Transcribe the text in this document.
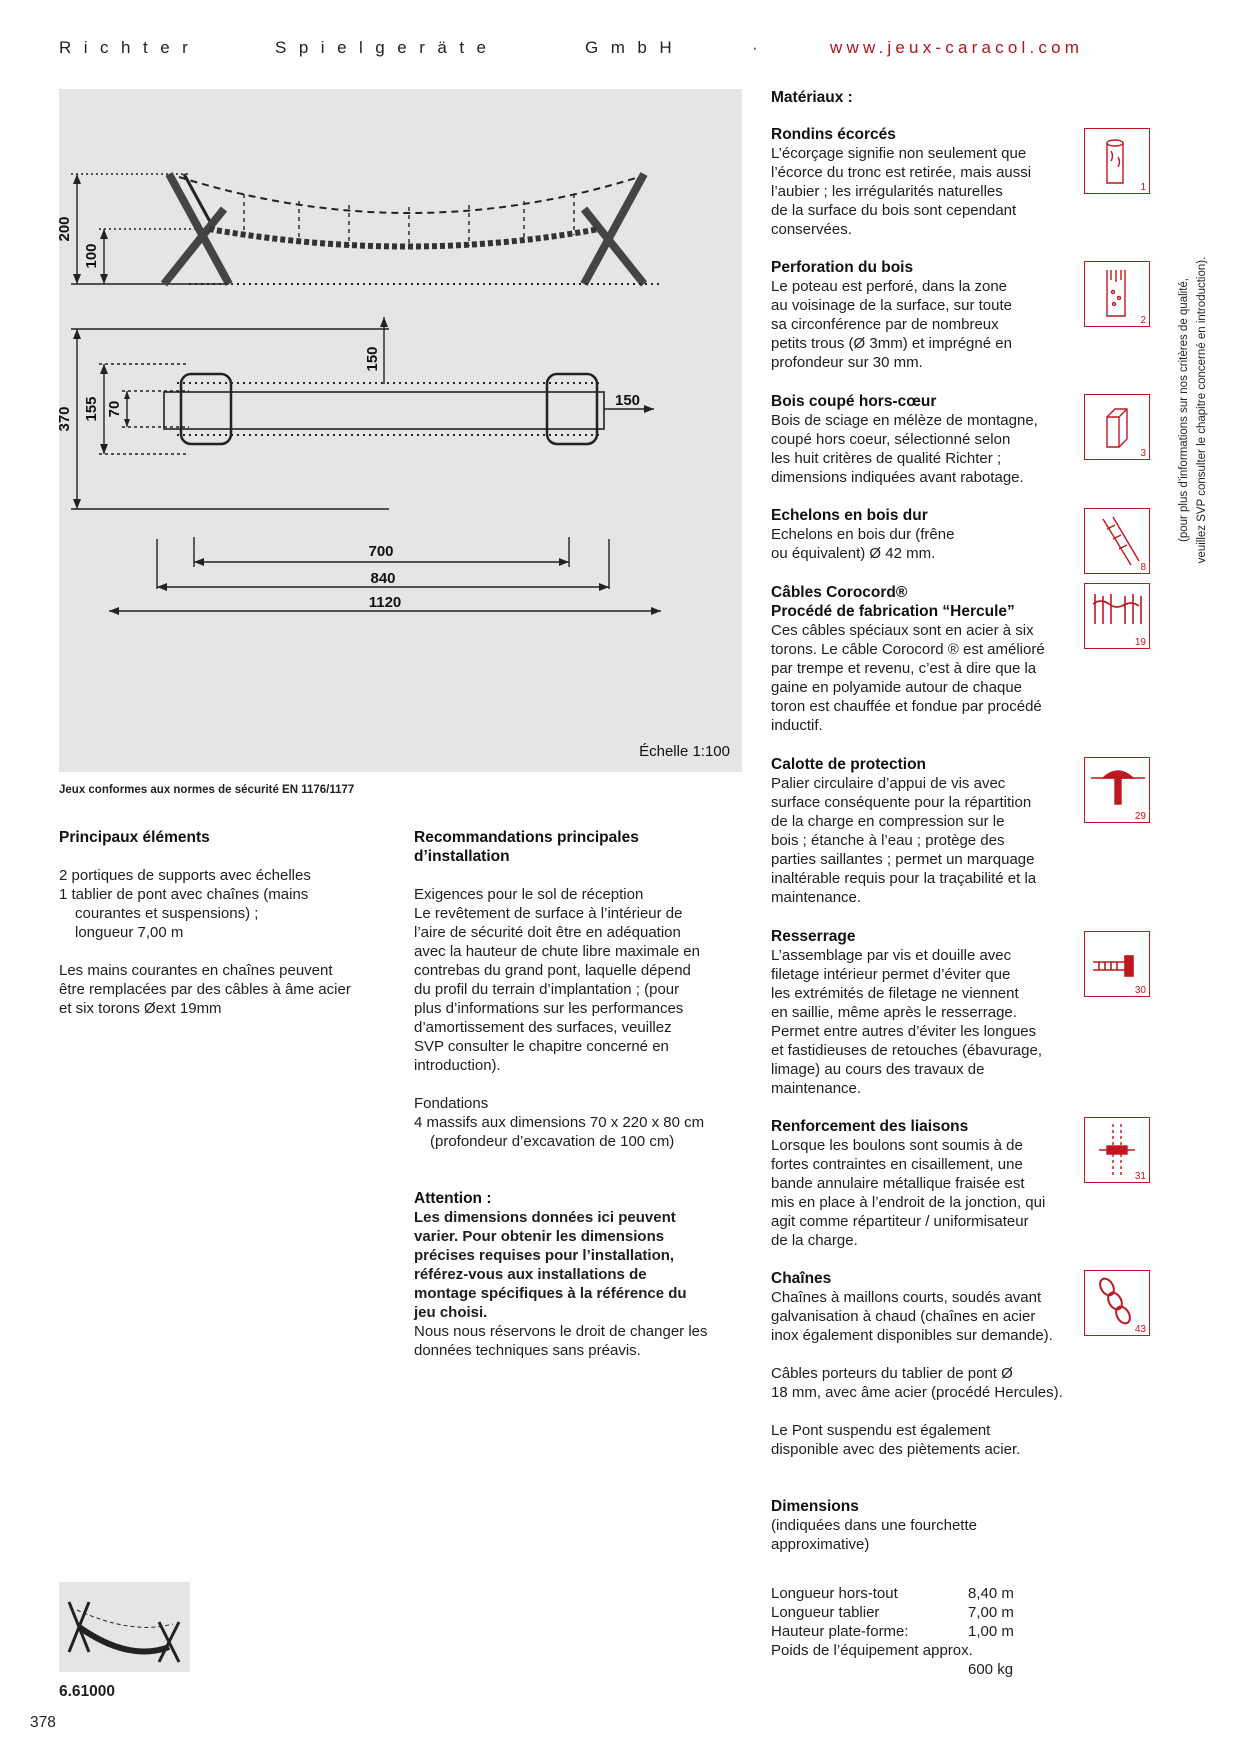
Richter	Spielgeräte	GmbH	·	www.jeux-caracol.com
200
100
370 155 70
150
150
700
840
1120
Échelle 1:100
Jeux conformes aux normes de sécurité EN 1176/1177
Principaux éléments
2 portiques de supports avec échelles
1 tablier de pont avec chaînes (mains
courantes et suspensions) ;
longueur 7,00 m
Les mains courantes en chaînes peuvent
être remplacées par des câbles à âme acier
et six torons Øext 19mm
Recommandations principales
d’installation
Exigences pour le sol de réception
Le revêtement de surface à l’intérieur de
l’aire de sécurité doit être en adéquation
avec la hauteur de chute libre maximale en
contrebas du grand pont, laquelle dépend
du profil du terrain d’implantation ; (pour
plus d’informations sur les performances
d’amortissement des surfaces, veuillez
SVP consulter le chapitre concerné en
introduction).
Fondations
4 massifs aux dimensions 70 x 220 x 80 cm
(profondeur d’excavation de 100 cm)
Attention :
Les dimensions données ici peuvent
varier. Pour obtenir les dimensions
précises requises pour l’installation,
référez-vous aux installations de
montage spécifiques à la référence du
jeu choisi.
Nous nous réservons le droit de changer les
données techniques sans préavis.
Matériaux :
Rondins écorcés
L’écorçage signifie non seulement que
l’écorce du tronc est retirée, mais aussi
l’aubier ; les irrégularités naturelles
de la surface du bois sont cependant
conservées.
1
Perforation du bois
Le poteau est perforé, dans la zone
au voisinage de la surface, sur toute
sa circonférence par de nombreux
petits trous (Ø 3mm) et imprégné en
profondeur sur 30 mm.
2
Bois coupé hors-cœur
Bois de sciage en mélèze de montagne,
coupé hors coeur, sélectionné selon
les huit critères de qualité Richter ;
dimensions indiquées avant rabotage.
3
Echelons en bois dur
Echelons en bois dur (frêne
ou équivalent) Ø 42 mm.
8
Câbles Corocord®
Procédé de fabrication “Hercule”
Ces câbles spéciaux sont en acier à six
torons. Le câble Corocord ® est amélioré
par trempe et revenu, c’est à dire que la
gaine en polyamide autour de chaque
toron est chauffée et fondue par procédé
inductif.
19
Calotte de protection
Palier circulaire d’appui de vis avec
surface conséquente pour la répartition
de la charge en compression sur le
bois ; étanche à l’eau ; protège des
parties saillantes ; permet un marquage
inaltérable requis pour la traçabilité et la
maintenance.
29
Resserrage
L’assemblage par vis et douille avec
filetage intérieur permet d’éviter que
les extrémités de filetage ne viennent
en saillie, même après le resserrage.
Permet entre autres d’éviter les longues
et fastidieuses de retouches (ébavurage,
limage) au cours des travaux de
maintenance.
30
Renforcement des liaisons
Lorsque les boulons sont soumis à de
fortes contraintes en cisaillement, une
bande annulaire métallique fraisée est
mis en place à l’endroit de la jonction, qui
agit comme répartiteur / uniformisateur
de la charge.
31
Chaînes
Chaînes à maillons courts, soudés avant
galvanisation à chaud (chaînes en acier
inox également disponibles sur demande).	43
Câbles porteurs du tablier de pont Ø
18 mm, avec âme acier (procédé Hercules).
Le Pont suspendu est également
disponible avec des piètements acier.
Dimensions
(indiquées dans une fourchette
approximative)
Longueur hors-tout	8,40 m
Longueur tablier	7,00 m
Hauteur plate-forme:	1,00 m
Poids de l’équipement approx.
600 kg
(pour plus d’informations sur nos critères de qualité, veuillez SVP consulter le chapitre concerné en introduction).
6.61000
378
